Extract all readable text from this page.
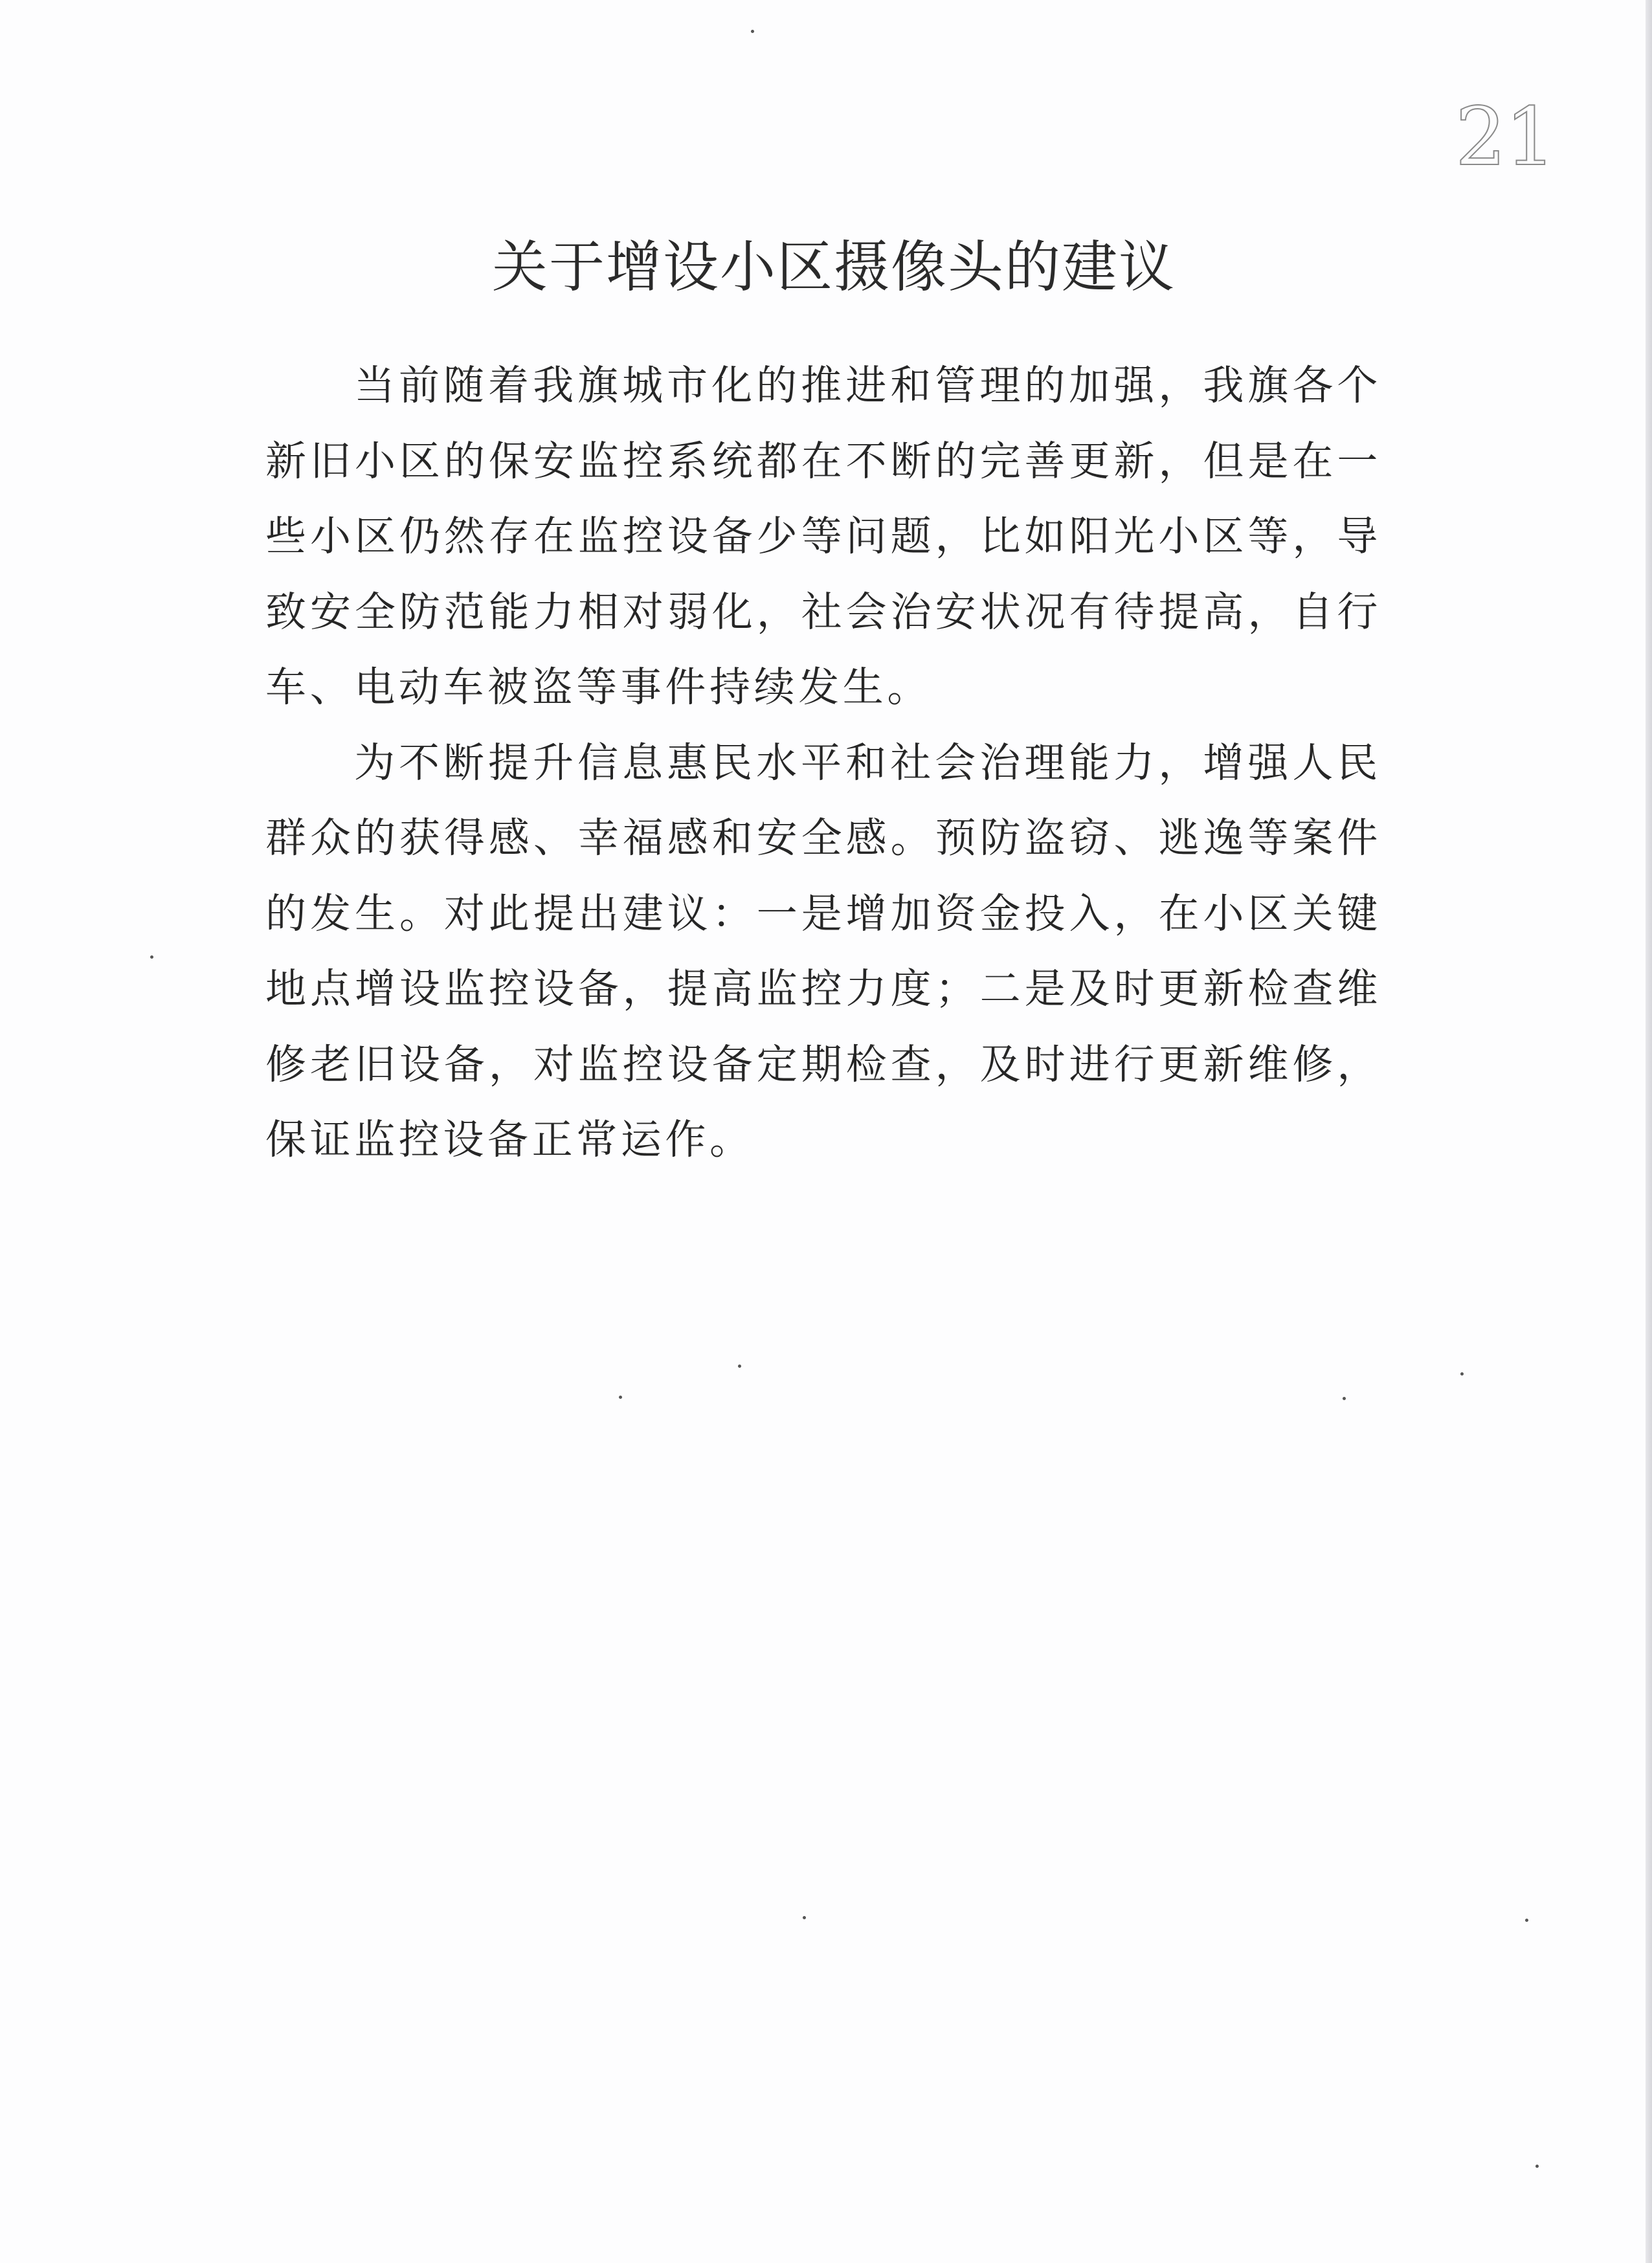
21
关于增设小区摄像头的建议

当前随着我旗城市化的推进和管理的加强，我旗各个新旧小区的保安监控系统都在不断的完善更新，但是在一些小区仍然存在监控设备少等问题，比如阳光小区等，导致安全防范能力相对弱化，社会治安状况有待提高，自行车、电动车被盗等事件持续发生。

为不断提升信息惠民水平和社会治理能力，增强人民群众的获得感、幸福感和安全感。预防盗窃、逃逸等案件的发生。对此提出建议：一是增加资金投入，在小区关键地点增设监控设备，提高监控力度；二是及时更新检查维修老旧设备，对监控设备定期检查，及时进行更新维修，保证监控设备正常运作。
